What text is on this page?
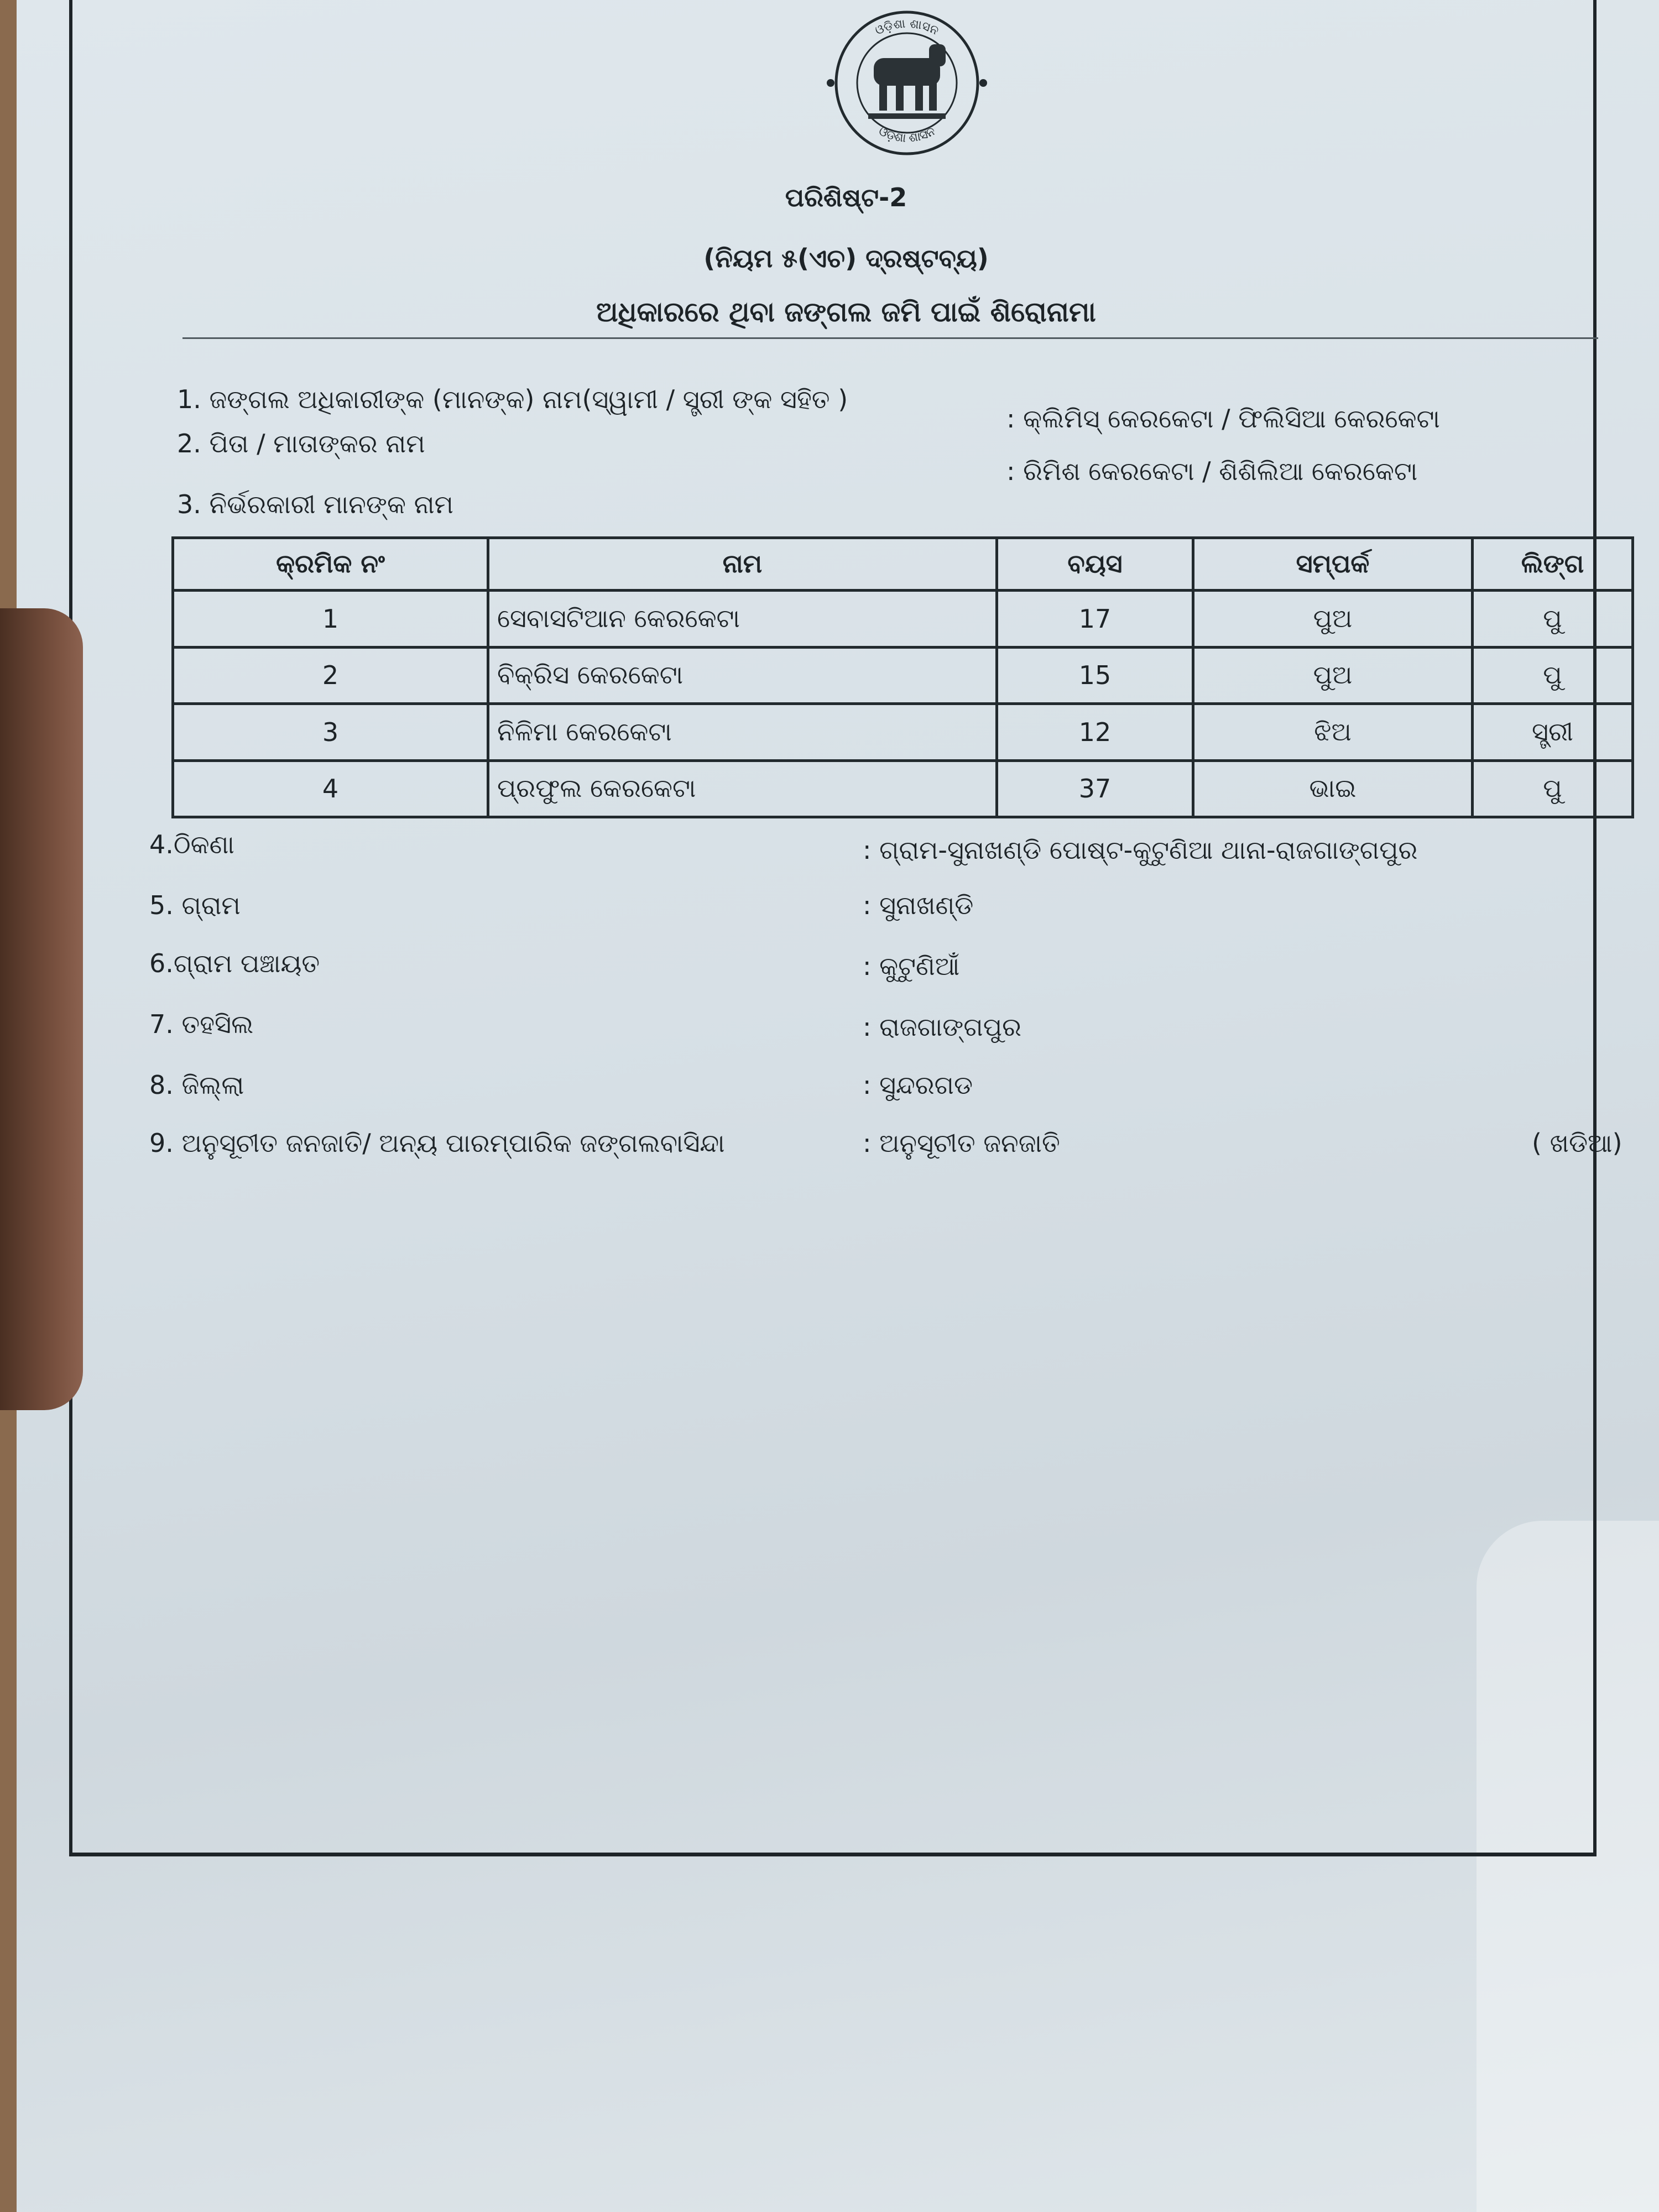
ଓଡ଼ିଶା ଶାସନ
ଓଡ଼ିଶା ଶାସନ
ପରିଶିଷ୍ଟ-2
(ନିୟମ ୫(ଏଚ) ଦ୍ରଷ୍ଟବ୍ୟ)
ଅଧିକାରରେ ଥିବା ଜଙ୍ଗଲ ଜମି ପାଇଁ ଶିରୋନାମା
1. ଜଙ୍ଗଲ ଅଧିକାରୀଙ୍କ (ମାନଙ୍କ) ନାମ(ସ୍ୱାମୀ / ସ୍ତ୍ରୀ ଙ୍କ ସହିତ )
: କ୍ଲିମିସ୍ କେରକେଟା / ଫିଲିସିଆ କେରକେଟା
2. ପିତା / ମାତାଙ୍କର ନାମ
: ରିମିଶ କେରକେଟା / ଶିଶିଲିଆ କେରକେଟା
3. ନିର୍ଭରକାରୀ ମାନଙ୍କ ନାମ
କ୍ରମିକ ନଂ	ନାମ	ବୟସ	ସମ୍ପର୍କ	ଲିଙ୍ଗ
1	ସେବାସଟିଆନ କେରକେଟା	17	ପୁଅ	ପୁ
2	ବିକ୍ରିସ କେରକେଟା	15	ପୁଅ	ପୁ
3	ନିଳିମା କେରକେଟା	12	ଝିଅ	ସ୍ତ୍ରୀ
4	ପ୍ରଫୁଲ କେରକେଟା	37	ଭାଇ	ପୁ
4.ଠିକଣା	: ଗ୍ରାମ-ସୁନାଖଣ୍ଡି ପୋଷ୍ଟ-କୁଟୁଣିଆ ଥାନା-ରାଜଗାଙ୍ଗପୁର
5. ଗ୍ରାମ	: ସୁନାଖଣ୍ଡି
6.ଗ୍ରାମ ପଞ୍ଚାୟତ	: କୁଟୁଣିଆଁ
7. ତହସିଲ	: ରାଜଗାଙ୍ଗପୁର
8. ଜିଲ୍ଲା	: ସୁନ୍ଦରଗଡ
9. ଅନୁସୂଚୀତ ଜନଜାତି/ ଅନ୍ୟ ପାରମ୍ପାରିକ ଜଙ୍ଗଲବାସିନ୍ଦା	: ଅନୁସୂଚୀତ ଜନଜାତି	( ଖଡିଆ)
